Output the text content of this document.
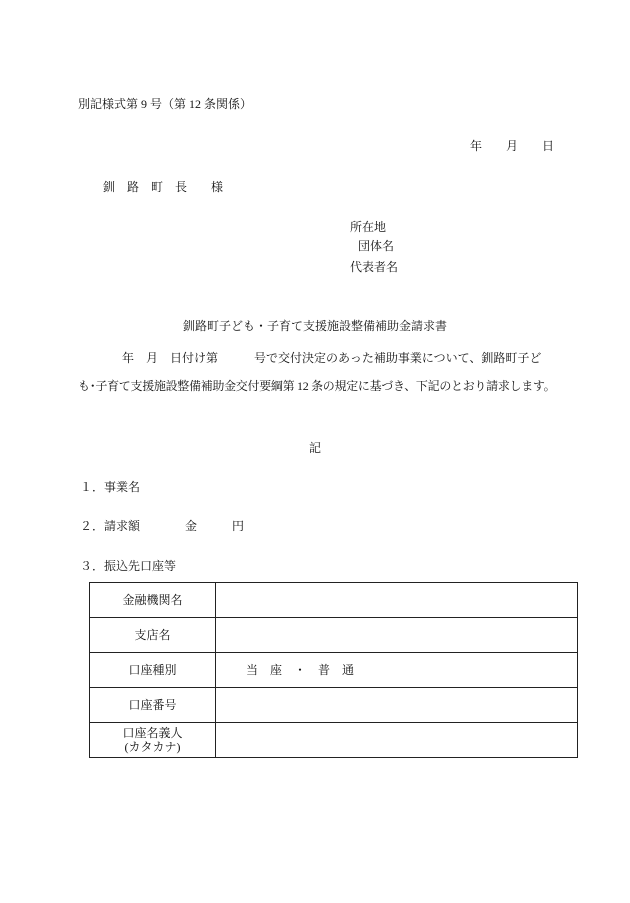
別記様式第 9 号（第 12 条関係）
年　　月　　日
釧　路　町　長　　様
所在地
団体名
代表者名
釧路町子ども・子育て支援施設整備補助金請求書
年　月　日付け第　　　号で交付決定のあった補助事業について、釧路町子ど
も･子育て支援施設整備補助金交付要綱第 12 条の規定に基づき、下記のとおり請求します。
記
１．事業名
２．請求額	金	円
３．振込先口座等
金融機関名	
支店名	
口座種別	当　座　・　普　通
口座番号	

口座名義人
(カタカナ)	
